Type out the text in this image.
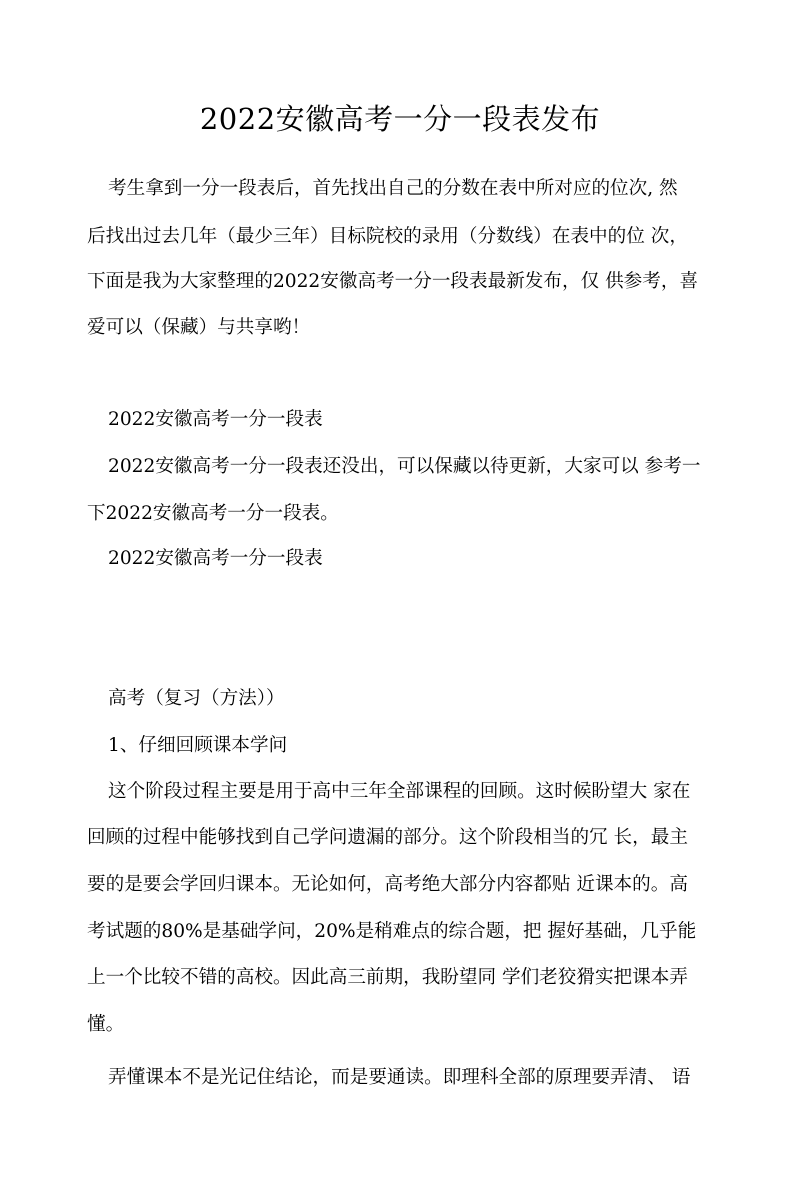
2022安徽高考一分一段表发布
考生拿到一分一段表后，首先找出自己的分数在表中所对应的位次, 然
后找出过去几年（最少三年）目标院校的录用（分数线）在表中的位 次，
下面是我为大家整理的2022安徽高考一分一段表最新发布，仅 供参考，喜
爱可以（保藏）与共享哟！
2022安徽高考一分一段表
2022安徽高考一分一段表还没出，可以保藏以待更新，大家可以 参考一
下2022安徽高考一分一段表。
2022安徽高考一分一段表
高考（复习（方法））
1、仔细回顾课本学问
这个阶段过程主要是用于高中三年全部课程的回顾。这时候盼望大 家在
回顾的过程中能够找到自己学问遗漏的部分。这个阶段相当的冗 长，最主
要的是要会学回归课本。无论如何，高考绝大部分内容都贴 近课本的。高
考试题的80%是基础学问，20%是稍难点的综合题，把 握好基础，几乎能
上一个比较不错的高校。因此高三前期，我盼望同 学们老狡猾实把课本弄
懂。
弄懂课本不是光记住结论，而是要通读。即理科全部的原理要弄清、 语
